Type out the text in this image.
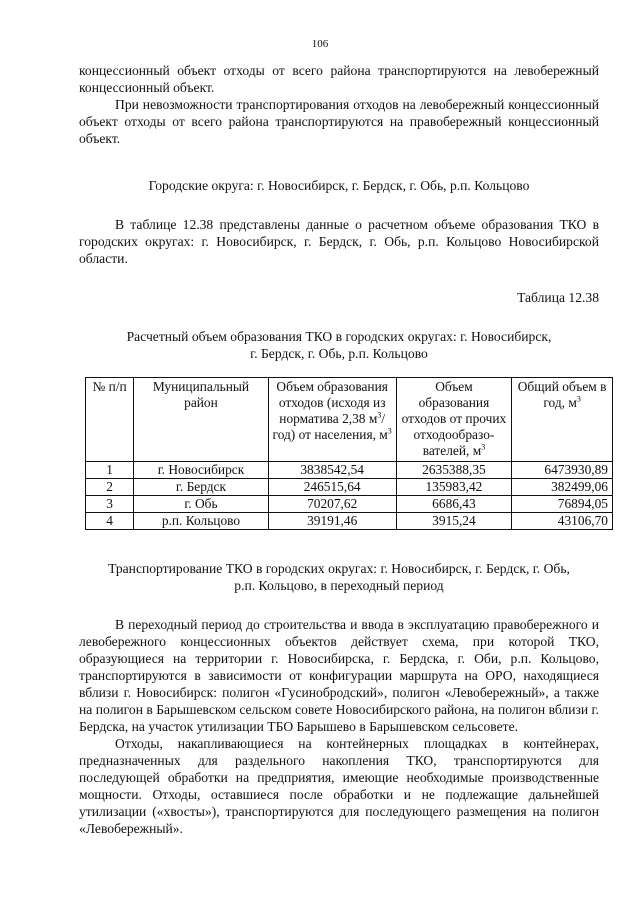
106

концессионный объект отходы от всего района транспортируются на левобережный концессионный объект.

При невозможности транспортирования отходов на левобережный концессионный объект отходы от всего района транспортируются на правобережный концессионный объект.

Городские округа: г. Новосибирск, г. Бердск, г. Обь, р.п. Кольцово

В таблице 12.38 представлены данные о расчетном объеме образования ТКО в городских округах: г. Новосибирск, г. Бердск, г. Обь, р.п. Кольцово Новосибирской области.

Таблица 12.38

Расчетный объем образования ТКО в городских округах: г. Новосибирск,
г. Бердск, г. Обь, р.п. Кольцово

№ п/п	Муниципальный район	Объем образования отходов (исходя из норматива 2,38 $м^3/год$) от населения, $м^3$	Объем образования отходов от прочих отходообразо-вателей, $м^3$	Общий объем в год, $м^3$
1	г. Новосибирск	3838542,54	2635388,35	6473930,89
2	г. Бердск	246515,64	135983,42	382499,06
3	г. Обь	70207,62	6686,43	76894,05
4	р.п. Кольцово	39191,46	3915,24	43106,70

Транспортирование ТКО в городских округах: г. Новосибирск, г. Бердск, г. Обь,
р.п. Кольцово, в переходный период

В переходный период до строительства и ввода в эксплуатацию правобережного и левобережного концессионных объектов действует схема, при которой ТКО, образующиеся на территории г. Новосибирска, г. Бердска, г. Оби, р.п. Кольцово, транспортируются в зависимости от конфигурации маршрута на ОРО, находящиеся вблизи г. Новосибирск: полигон «Гусинобродский», полигон «Левобережный», а также на полигон в Барышевском сельском совете Новосибирского района, на полигон вблизи г. Бердска, на участок утилизации ТБО Барышево в Барышевском сельсовете.

Отходы, накапливающиеся на контейнерных площадках в контейнерах, предназначенных для раздельного накопления ТКО, транспортируются для последующей обработки на предприятия, имеющие необходимые производственные мощности. Отходы, оставшиеся после обработки и не подлежащие дальнейшей утилизации («хвосты»), транспортируются для последующего размещения на полигон «Левобережный».
